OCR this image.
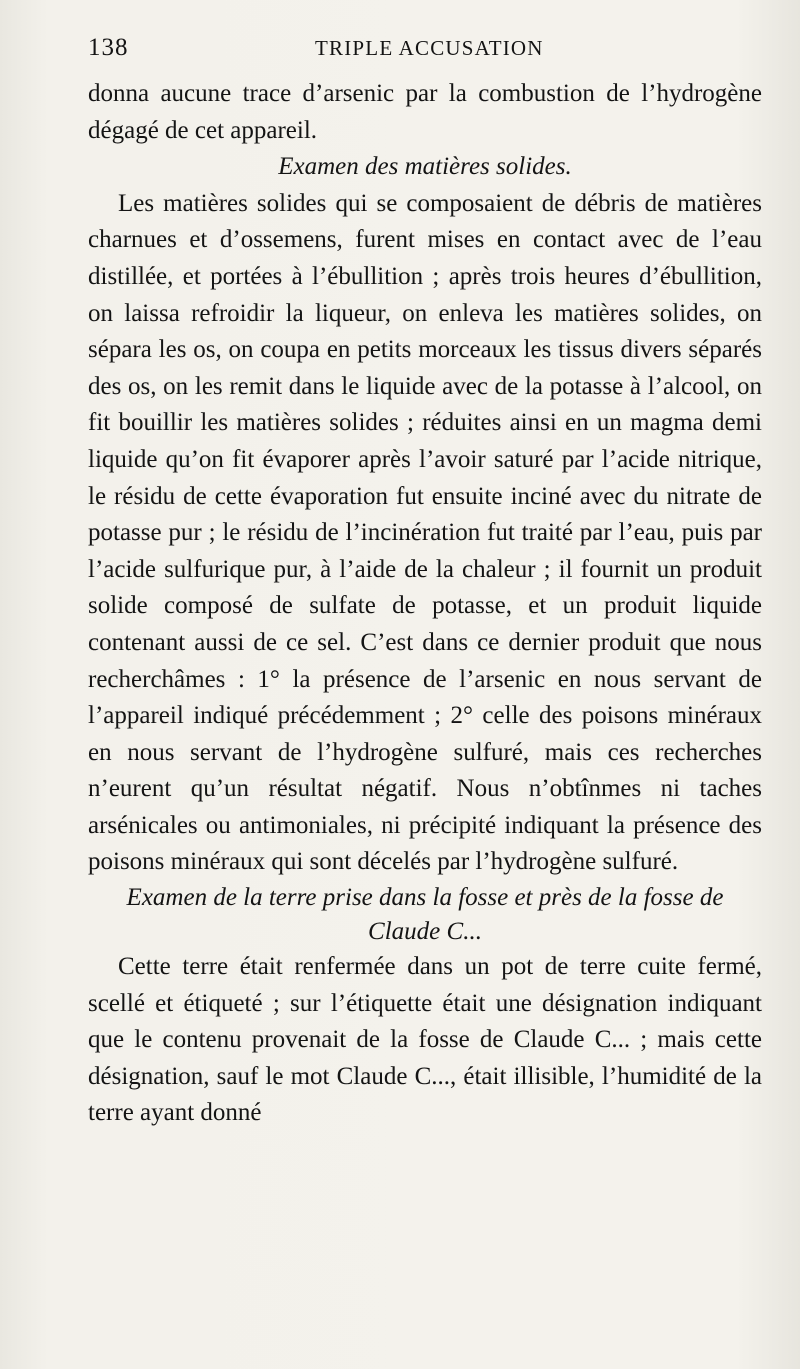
138	TRIPLE ACCUSATION

donna aucune trace d’arsenic par la combustion de l’hydrogène dégagé de cet appareil.

Examen des matières solides.

Les matières solides qui se composaient de débris de matières charnues et d’ossemens, furent mises en contact avec de l’eau distillée, et portées à l’ébullition ; après trois heures d’ébullition, on laissa refroidir la liqueur, on enleva les matières solides, on sépara les os, on coupa en petits morceaux les tissus divers séparés des os, on les remit dans le liquide avec de la potasse à l’alcool, on fit bouillir les matières solides ; réduites ainsi en un magma demi liquide qu’on fit évaporer après l’avoir saturé par l’acide nitrique, le résidu de cette évaporation fut ensuite inciné avec du nitrate de potasse pur ; le résidu de l’incinération fut traité par l’eau, puis par l’acide sulfurique pur, à l’aide de la chaleur ; il fournit un produit solide composé de sulfate de potasse, et un produit liquide contenant aussi de ce sel. C’est dans ce dernier produit que nous recherchâmes : 1° la présence de l’arsenic en nous servant de l’appareil indiqué précédemment ; 2° celle des poisons minéraux en nous servant de l’hydrogène sulfuré, mais ces recherches n’eurent qu’un résultat négatif. Nous n’obtînmes ni taches arsénicales ou antimoniales, ni précipité indiquant la présence des poisons minéraux qui sont décelés par l’hydrogène sulfuré.

Examen de la terre prise dans la fosse et près de la fosse de Claude C...

Cette terre était renfermée dans un pot de terre cuite fermé, scellé et étiqueté ; sur l’étiquette était une désignation indiquant que le contenu provenait de la fosse de Claude C... ; mais cette désignation, sauf le mot Claude C..., était illisible, l’humidité de la terre ayant donné
